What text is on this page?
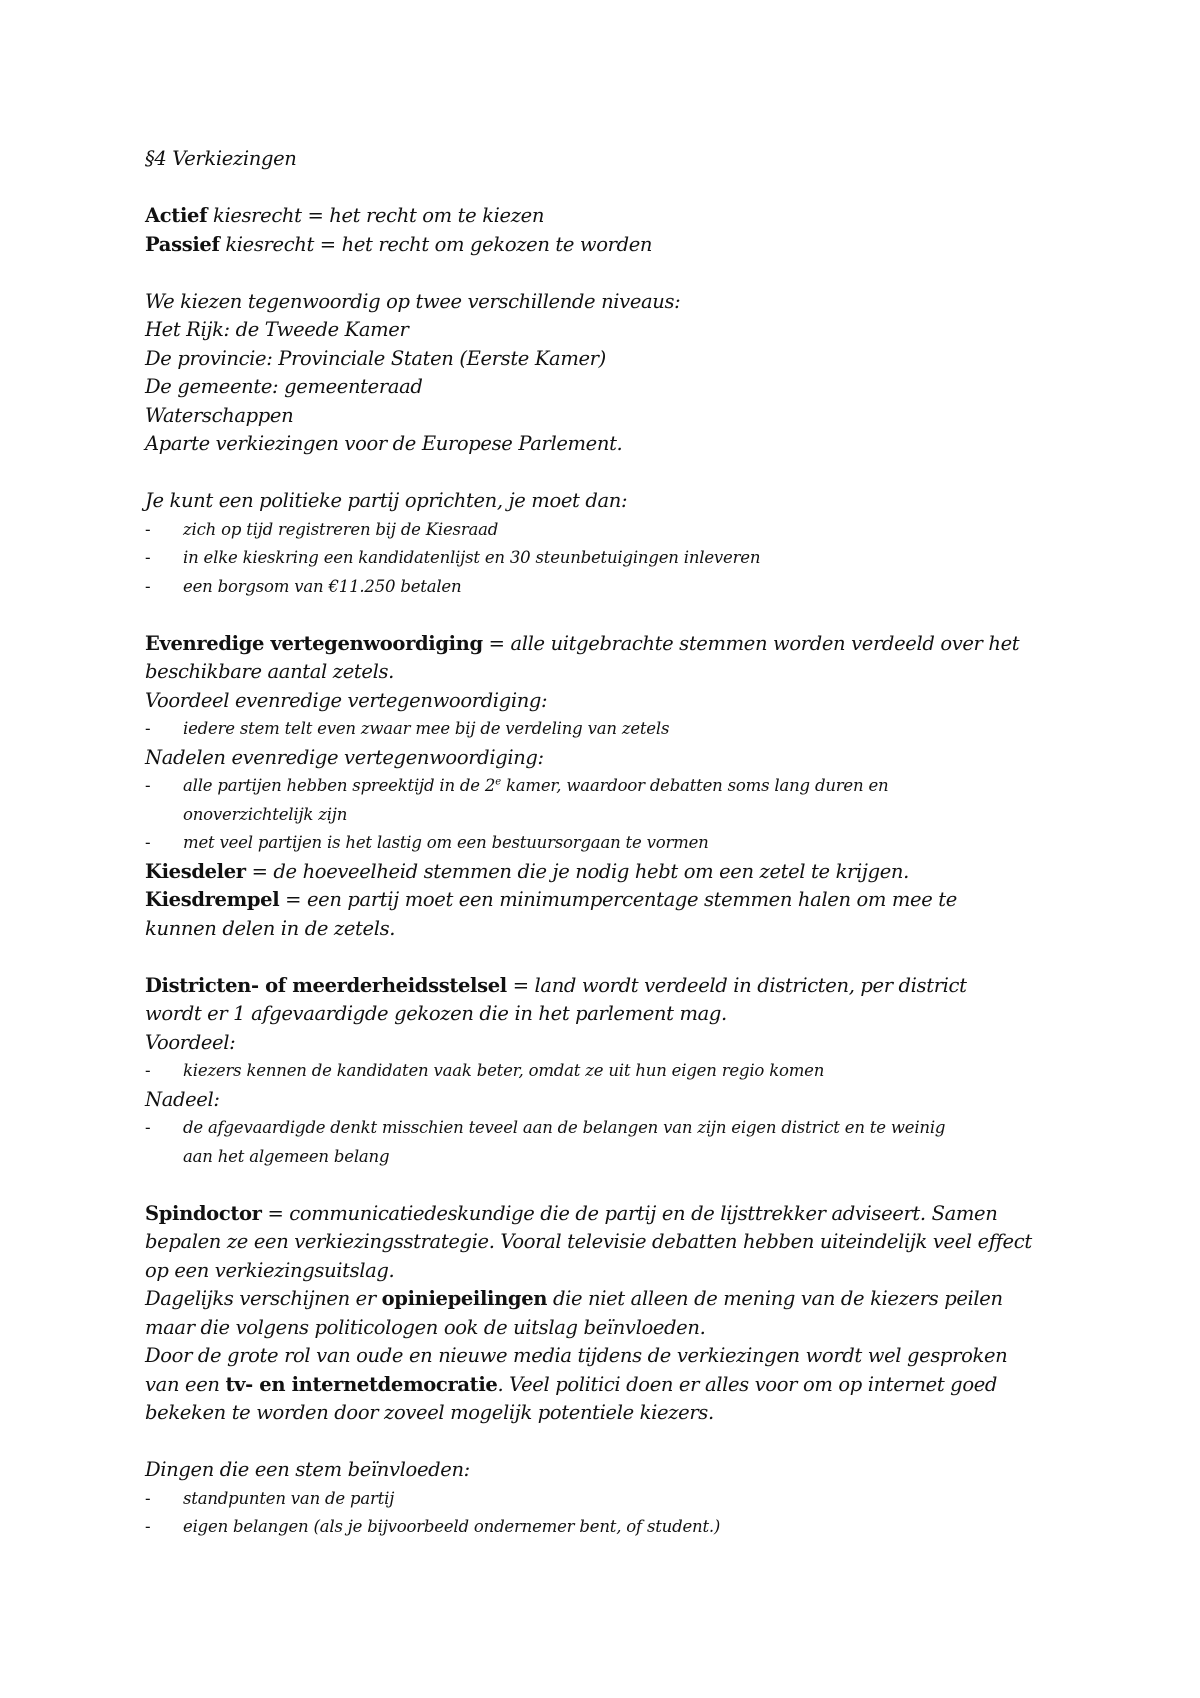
§4 Verkiezingen
Actief kiesrecht = het recht om te kiezen
Passief kiesrecht = het recht om gekozen te worden
We kiezen tegenwoordig op twee verschillende niveaus:
Het Rijk: de Tweede Kamer
De provincie: Provinciale Staten (Eerste Kamer)
De gemeente: gemeenteraad
Waterschappen
Aparte verkiezingen voor de Europese Parlement.
Je kunt een politieke partij oprichten, je moet dan:
- zich op tijd registreren bij de Kiesraad
- in elke kieskring een kandidatenlijst en 30 steunbetuigingen inleveren
- een borgsom van €11.250 betalen
Evenredige vertegenwoordiging = alle uitgebrachte stemmen worden verdeeld over het
beschikbare aantal zetels.
Voordeel evenredige vertegenwoordiging:
- iedere stem telt even zwaar mee bij de verdeling van zetels
Nadelen evenredige vertegenwoordiging:
- alle partijen hebben spreektijd in de 2e kamer, waardoor debatten soms lang duren en
onoverzichtelijk zijn
- met veel partijen is het lastig om een bestuursorgaan te vormen
Kiesdeler = de hoeveelheid stemmen die je nodig hebt om een zetel te krijgen.
Kiesdrempel = een partij moet een minimumpercentage stemmen halen om mee te
kunnen delen in de zetels.
Districten- of meerderheidsstelsel = land wordt verdeeld in districten, per district
wordt er 1 afgevaardigde gekozen die in het parlement mag.
Voordeel:
- kiezers kennen de kandidaten vaak beter, omdat ze uit hun eigen regio komen
Nadeel:
- de afgevaardigde denkt misschien teveel aan de belangen van zijn eigen district en te weinig
aan het algemeen belang
Spindoctor = communicatiedeskundige die de partij en de lijsttrekker adviseert. Samen
bepalen ze een verkiezingsstrategie. Vooral televisie debatten hebben uiteindelijk veel effect
op een verkiezingsuitslag.
Dagelijks verschijnen er opiniepeilingen die niet alleen de mening van de kiezers peilen
maar die volgens politicologen ook de uitslag beïnvloeden.
Door de grote rol van oude en nieuwe media tijdens de verkiezingen wordt wel gesproken
van een tv- en internetdemocratie. Veel politici doen er alles voor om op internet goed
bekeken te worden door zoveel mogelijk potentiele kiezers.
Dingen die een stem beïnvloeden:
- standpunten van de partij
- eigen belangen (als je bijvoorbeeld ondernemer bent, of student.)
